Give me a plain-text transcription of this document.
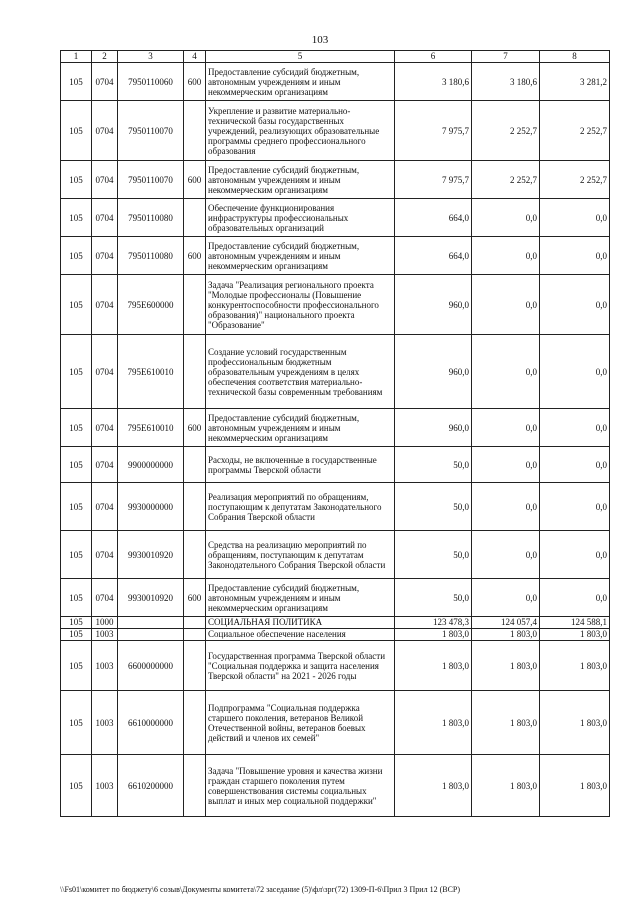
103
1	2	3	4	5	6	7	8
105	0704	7950110060	600	Предоставление субсидий бюджетным, автономным учреждениям и иным некоммерческим организациям	3 180,6	3 180,6	3 281,2
105	0704	7950110070		Укрепление и развитие материально-технической базы государственных учреждений, реализующих образовательные программы среднего профессионального образования	7 975,7	2 252,7	2 252,7
105	0704	7950110070	600	Предоставление субсидий бюджетным, автономным учреждениям и иным некоммерческим организациям	7 975,7	2 252,7	2 252,7
105	0704	7950110080		Обеспечение функционирования инфраструктуры профессиональных образовательных организаций	664,0	0,0	0,0
105	0704	7950110080	600	Предоставление субсидий бюджетным, автономным учреждениям и иным некоммерческим организациям	664,0	0,0	0,0
105	0704	795E600000		Задача "Реализация регионального проекта "Молодые профессионалы (Повышение конкурентоспособности профессионального образования)" национального проекта "Образование"	960,0	0,0	0,0
105	0704	795E610010		Создание условий государственным профессиональным бюджетным образовательным учреждениям в целях обеспечения соответствия материально-технической базы современным требованиям	960,0	0,0	0,0
105	0704	795E610010	600	Предоставление субсидий бюджетным, автономным учреждениям и иным некоммерческим организациям	960,0	0,0	0,0
105	0704	9900000000		Расходы, не включенные в государственные программы Тверской области	50,0	0,0	0,0
105	0704	9930000000		Реализация мероприятий по обращениям, поступающим к депутатам Законодательного Собрания Тверской области	50,0	0,0	0,0
105	0704	9930010920		Средства на реализацию мероприятий по обращениям, поступающим к депутатам Законодательного Собрания Тверской области	50,0	0,0	0,0
105	0704	9930010920	600	Предоставление субсидий бюджетным, автономным учреждениям и иным некоммерческим организациям	50,0	0,0	0,0
105	1000			СОЦИАЛЬНАЯ ПОЛИТИКА	123 478,3	124 057,4	124 588,1
105	1003			Социальное обеспечение населения	1 803,0	1 803,0	1 803,0
105	1003	6600000000		Государственная программа Тверской области "Социальная поддержка и защита населения Тверской области" на 2021 - 2026 годы	1 803,0	1 803,0	1 803,0
105	1003	6610000000		Подпрограмма "Социальная поддержка старшего поколения, ветеранов Великой Отечественной войны, ветеранов боевых действий и членов их семей"	1 803,0	1 803,0	1 803,0
105	1003	6610200000		Задача "Повышение уровня и качества жизни граждан старшего поколения путем совершенствования системы социальных выплат и иных мер социальной поддержки"	1 803,0	1 803,0	1 803,0
\\Fs01\комитет по бюджету\6 созыв\Документы комитета\72 заседание (5)\фл\зрг(72) 1309-П-6\Прил 3 Прил 12 (ВСР)
